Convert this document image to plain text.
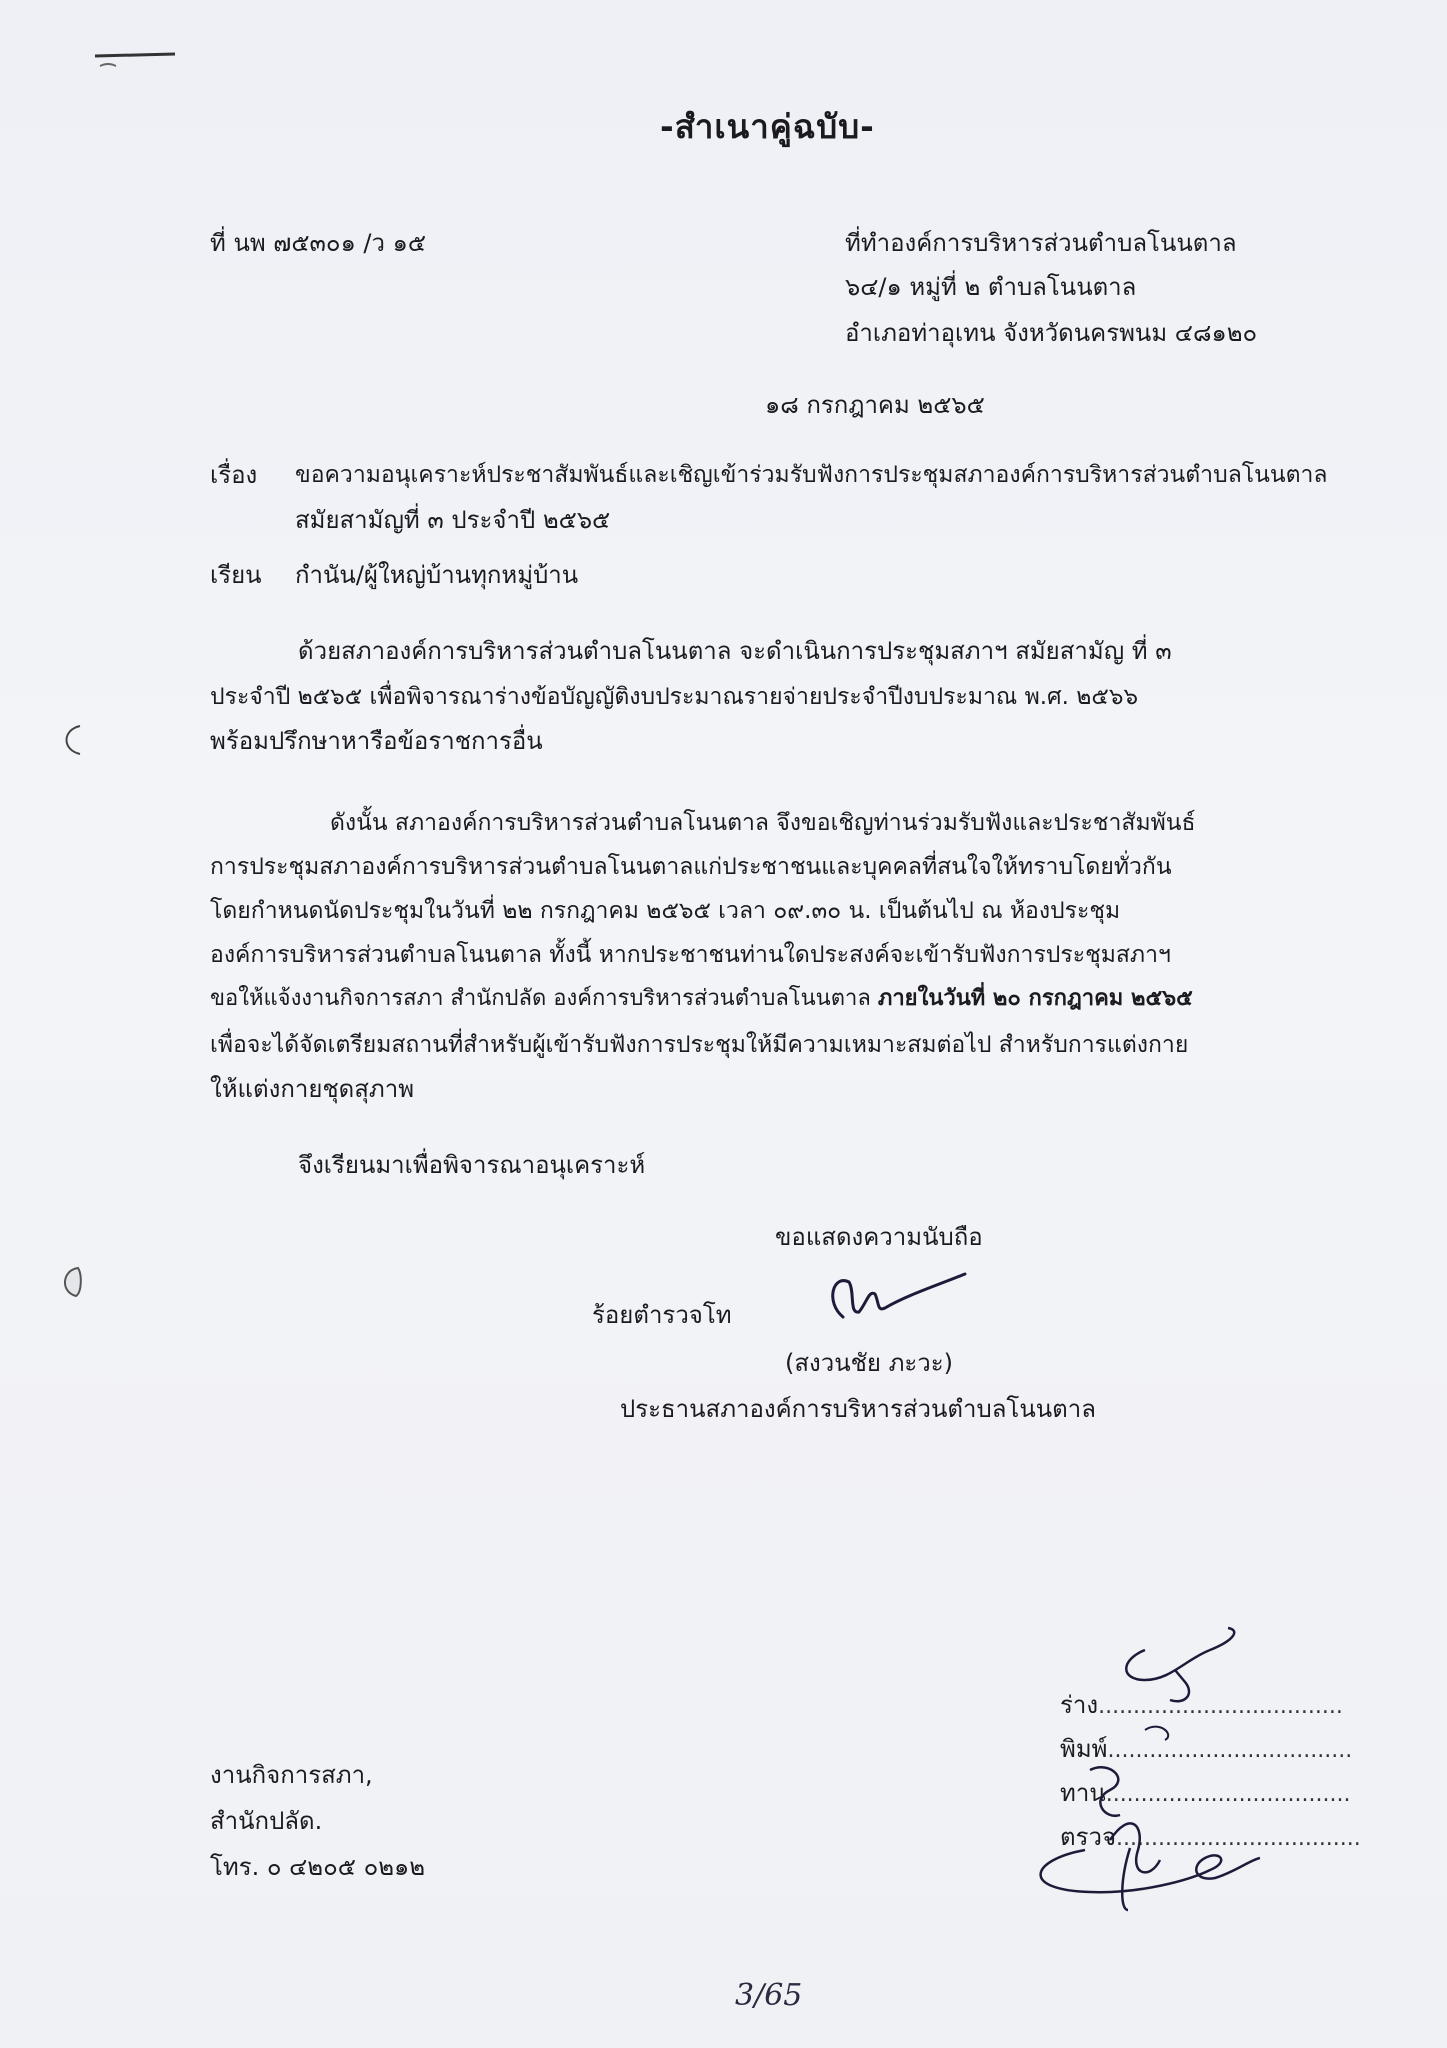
-สำเนาคู่ฉบับ-
ที่ นพ ๗๕๓๐๑ /ว ๑๕	ที่ทำองค์การบริหารส่วนตำบลโนนตาล
๖๔/๑ หมู่ที่ ๒ ตำบลโนนตาล
อำเภอท่าอุเทน จังหวัดนครพนม ๔๘๑๒๐
๑๘ กรกฎาคม ๒๕๖๕
เรื่อง ขอความอนุเคราะห์ประชาสัมพันธ์และเชิญเข้าร่วมรับฟังการประชุมสภาองค์การบริหารส่วนตำบลโนนตาล
สมัยสามัญที่ ๓ ประจำปี ๒๕๖๕
เรียน กำนัน/ผู้ใหญ่บ้านทุกหมู่บ้าน
ด้วยสภาองค์การบริหารส่วนตำบลโนนตาล จะดำเนินการประชุมสภาฯ สมัยสามัญ ที่ ๓
ประจำปี ๒๕๖๕ เพื่อพิจารณาร่างข้อบัญญัติงบประมาณรายจ่ายประจำปีงบประมาณ พ.ศ. ๒๕๖๖
พร้อมปรึกษาหารือข้อราชการอื่น
ดังนั้น สภาองค์การบริหารส่วนตำบลโนนตาล จึงขอเชิญท่านร่วมรับฟังและประชาสัมพันธ์
การประชุมสภาองค์การบริหารส่วนตำบลโนนตาลแก่ประชาชนและบุคคลที่สนใจให้ทราบโดยทั่วกัน
โดยกำหนดนัดประชุมในวันที่ ๒๒ กรกฎาคม ๒๕๖๕ เวลา ๐๙.๓๐ น. เป็นต้นไป ณ ห้องประชุม
องค์การบริหารส่วนตำบลโนนตาล ทั้งนี้ หากประชาชนท่านใดประสงค์จะเข้ารับฟังการประชุมสภาฯ
ขอให้แจ้งงานกิจการสภา สำนักปลัด องค์การบริหารส่วนตำบลโนนตาล ภายในวันที่ ๒๐ กรกฎาคม ๒๕๖๕
เพื่อจะได้จัดเตรียมสถานที่สำหรับผู้เข้ารับฟังการประชุมให้มีความเหมาะสมต่อไป สำหรับการแต่งกาย
ให้แต่งกายชุดสุภาพ
จึงเรียนมาเพื่อพิจารณาอนุเคราะห์
ขอแสดงความนับถือ
ร้อยตำรวจโท
(สงวนชัย ภะวะ)
ประธานสภาองค์การบริหารส่วนตำบลโนนตาล
งานกิจการสภา,
สำนักปลัด.
โทร. ๐ ๔๒๐๕ ๐๒๑๒
ร่าง...................................
พิมพ์...................................
ทาน...................................
ตรวจ...................................
3/65
